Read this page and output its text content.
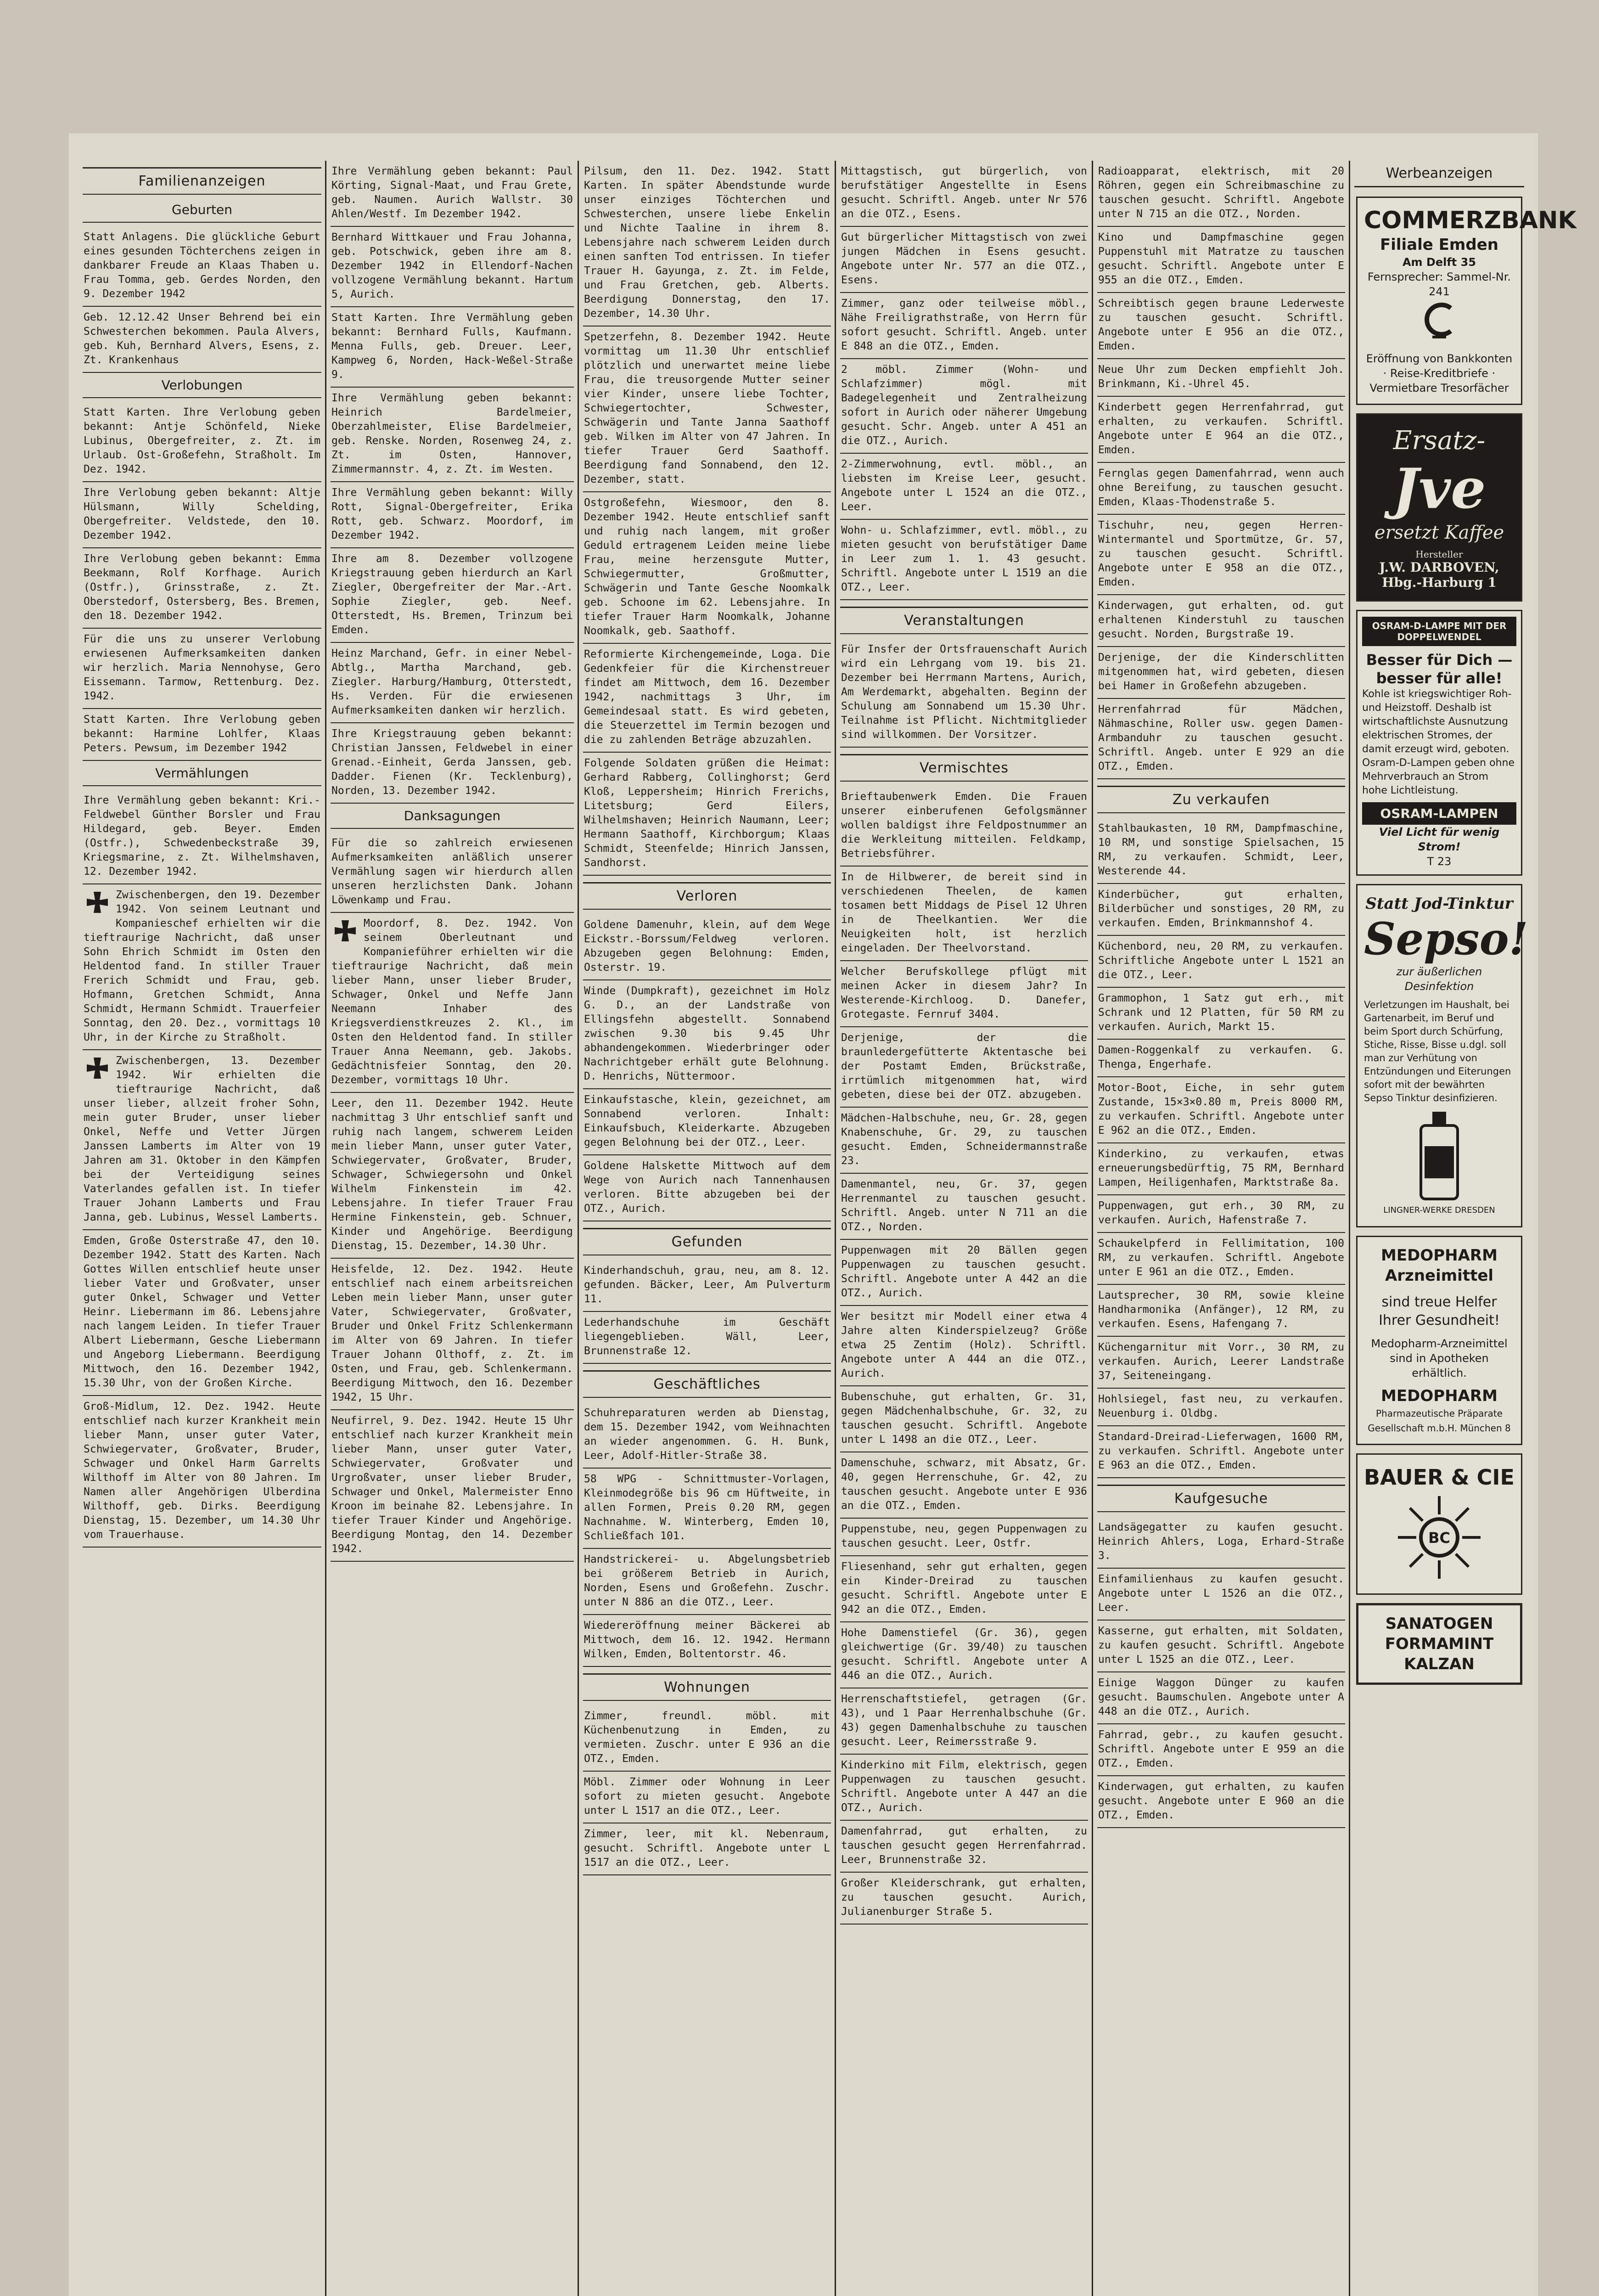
Familienanzeigen
Geburten
Statt Anlagens. Die glückliche Geburt eines gesunden Töchterchens zeigen in dankbarer Freude an Klaas Thaben u. Frau Tomma, geb. Gerdes Norden, den 9. Dezember 1942
Geb. 12.12.42 Unser Behrend bei ein Schwesterchen bekommen. Paula Alvers, geb. Kuh, Bernhard Alvers, Esens, z. Zt. Krankenhaus
Verlobungen
Statt Karten. Ihre Verlobung geben bekannt: Antje Schönfeld, Nieke Lubinus, Obergefreiter, z. Zt. im Urlaub. Ost-Großefehn, Straßholt. Im Dez. 1942.
Ihre Verlobung geben bekannt: Altje Hülsmann, Willy Schelding, Obergefreiter. Veldstede, den 10. Dezember 1942.
Ihre Verlobung geben bekannt: Emma Beekmann, Rolf Korfhage. Aurich (Ostfr.), Grinsstraße, z. Zt. Oberstedorf, Ostersberg, Bes. Bremen, den 18. Dezember 1942.
Für die uns zu unserer Verlobung erwiesenen Aufmerksamkeiten danken wir herzlich. Maria Nennohyse, Gero Eissemann. Tarmow, Rettenburg. Dez. 1942.
Statt Karten. Ihre Verlobung geben bekannt: Harmine Lohlfer, Klaas Peters. Pewsum, im Dezember 1942
Vermählungen
Ihre Vermählung geben bekannt: Kri.-Feldwebel Günther Borsler und Frau Hildegard, geb. Beyer. Emden (Ostfr.), Schwedenbeckstraße 39, Kriegsmarine, z. Zt. Wilhelmshaven, 12. Dezember 1942.
Zwischenbergen, den 19. Dezember 1942. Von seinem Leutnant und Kompanieschef erhielten wir die tieftraurige Nachricht, daß unser Sohn Ehrich Schmidt im Osten den Heldentod fand. In stiller Trauer Frerich Schmidt und Frau, geb. Hofmann, Gretchen Schmidt, Anna Schmidt, Hermann Schmidt. Trauerfeier Sonntag, den 20. Dez., vormittags 10 Uhr, in der Kirche zu Straßholt.
Zwischenbergen, 13. Dezember 1942. Wir erhielten die tieftraurige Nachricht, daß unser lieber, allzeit froher Sohn, mein guter Bruder, unser lieber Onkel, Neffe und Vetter Jürgen Janssen Lamberts im Alter von 19 Jahren am 31. Oktober in den Kämpfen bei der Verteidigung seines Vaterlandes gefallen ist. In tiefer Trauer Johann Lamberts und Frau Janna, geb. Lubinus, Wessel Lamberts.
Emden, Große Osterstraße 47, den 10. Dezember 1942. Statt des Karten. Nach Gottes Willen entschlief heute unser lieber Vater und Großvater, unser guter Onkel, Schwager und Vetter Heinr. Liebermann im 86. Lebensjahre nach langem Leiden. In tiefer Trauer Albert Liebermann, Gesche Liebermann und Angeborg Liebermann. Beerdigung Mittwoch, den 16. Dezember 1942, 15.30 Uhr, von der Großen Kirche.
Groß-Midlum, 12. Dez. 1942. Heute entschlief nach kurzer Krankheit mein lieber Mann, unser guter Vater, Schwiegervater, Großvater, Bruder, Schwager und Onkel Harm Garrelts Wilthoff im Alter von 80 Jahren. Im Namen aller Angehörigen Ulberdina Wilthoff, geb. Dirks. Beerdigung Dienstag, 15. Dezember, um 14.30 Uhr vom Trauerhause.
Ihre Vermählung geben bekannt: Paul Körting, Signal-Maat, und Frau Grete, geb. Naumen. Aurich Wallstr. 30 Ahlen/Westf. Im Dezember 1942.
Bernhard Wittkauer und Frau Johanna, geb. Potschwick, geben ihre am 8. Dezember 1942 in Ellendorf-Nachen vollzogene Vermählung bekannt. Hartum 5, Aurich.
Statt Karten. Ihre Vermählung geben bekannt: Bernhard Fulls, Kaufmann. Menna Fulls, geb. Dreuer. Leer, Kampweg 6, Norden, Hack-Weßel-Straße 9.
Ihre Vermählung geben bekannt: Heinrich Bardelmeier, Oberzahlmeister, Elise Bardelmeier, geb. Renske. Norden, Rosenweg 24, z. Zt. im Osten, Hannover, Zimmermannstr. 4, z. Zt. im Westen.
Ihre Vermählung geben bekannt: Willy Rott, Signal-Obergefreiter, Erika Rott, geb. Schwarz. Moordorf, im Dezember 1942.
Ihre am 8. Dezember vollzogene Kriegstrauung geben hierdurch an Karl Ziegler, Obergefreiter der Mar.-Art. Sophie Ziegler, geb. Neef. Otterstedt, Hs. Bremen, Trinzum bei Emden.
Heinz Marchand, Gefr. in einer Nebel-Abtlg., Martha Marchand, geb. Ziegler. Harburg/Hamburg, Otterstedt, Hs. Verden. Für die erwiesenen Aufmerksamkeiten danken wir herzlich.
Ihre Kriegstrauung geben bekannt: Christian Janssen, Feldwebel in einer Grenad.-Einheit, Gerda Janssen, geb. Dadder. Fienen (Kr. Tecklenburg), Norden, 13. Dezember 1942.
Danksagungen
Für die so zahlreich erwiesenen Aufmerksamkeiten anläßlich unserer Vermählung sagen wir hierdurch allen unseren herzlichsten Dank. Johann Löwenkamp und Frau.
Moordorf, 8. Dez. 1942. Von seinem Oberleutnant und Kompanieführer erhielten wir die tieftraurige Nachricht, daß mein lieber Mann, unser lieber Bruder, Schwager, Onkel und Neffe Jann Neemann Inhaber des Kriegsverdienstkreuzes 2. Kl., im Osten den Heldentod fand. In stiller Trauer Anna Neemann, geb. Jakobs. Gedächtnisfeier Sonntag, den 20. Dezember, vormittags 10 Uhr.
Leer, den 11. Dezember 1942. Heute nachmittag 3 Uhr entschlief sanft und ruhig nach langem, schwerem Leiden mein lieber Mann, unser guter Vater, Schwiegervater, Großvater, Bruder, Schwager, Schwiegersohn und Onkel Wilhelm Finkenstein im 42. Lebensjahre. In tiefer Trauer Frau Hermine Finkenstein, geb. Schnuer, Kinder und Angehörige. Beerdigung Dienstag, 15. Dezember, 14.30 Uhr.
Heisfelde, 12. Dez. 1942. Heute entschlief nach einem arbeitsreichen Leben mein lieber Mann, unser guter Vater, Schwiegervater, Großvater, Bruder und Onkel Fritz Schlenkermann im Alter von 69 Jahren. In tiefer Trauer Johann Olthoff, z. Zt. im Osten, und Frau, geb. Schlenkermann. Beerdigung Mittwoch, den 16. Dezember 1942, 15 Uhr.
Neufirrel, 9. Dez. 1942. Heute 15 Uhr entschlief nach kurzer Krankheit mein lieber Mann, unser guter Vater, Schwiegervater, Großvater und Urgroßvater, unser lieber Bruder, Schwager und Onkel, Malermeister Enno Kroon im beinahe 82. Lebensjahre. In tiefer Trauer Kinder und Angehörige. Beerdigung Montag, den 14. Dezember 1942.
Pilsum, den 11. Dez. 1942. Statt Karten. In später Abendstunde wurde unser einziges Töchterchen und Schwesterchen, unsere liebe Enkelin und Nichte Taaline in ihrem 8. Lebensjahre nach schwerem Leiden durch einen sanften Tod entrissen. In tiefer Trauer H. Gayunga, z. Zt. im Felde, und Frau Gretchen, geb. Alberts. Beerdigung Donnerstag, den 17. Dezember, 14.30 Uhr.
Spetzerfehn, 8. Dezember 1942. Heute vormittag um 11.30 Uhr entschlief plötzlich und unerwartet meine liebe Frau, die treusorgende Mutter seiner vier Kinder, unsere liebe Tochter, Schwiegertochter, Schwester, Schwägerin und Tante Janna Saathoff geb. Wilken im Alter von 47 Jahren. In tiefer Trauer Gerd Saathoff. Beerdigung fand Sonnabend, den 12. Dezember, statt.
Ostgroßefehn, Wiesmoor, den 8. Dezember 1942. Heute entschlief sanft und ruhig nach langem, mit großer Geduld ertragenem Leiden meine liebe Frau, meine herzensgute Mutter, Schwiegermutter, Großmutter, Schwägerin und Tante Gesche Noomkalk geb. Schoone im 62. Lebensjahre. In tiefer Trauer Harm Noomkalk, Johanne Noomkalk, geb. Saathoff.
Reformierte Kirchengemeinde, Loga. Die Gedenkfeier für die Kirchenstreuer findet am Mittwoch, dem 16. Dezember 1942, nachmittags 3 Uhr, im Gemeindesaal statt. Es wird gebeten, die Steuerzettel im Termin bezogen und die zu zahlenden Beträge abzuzahlen.
Folgende Soldaten grüßen die Heimat: Gerhard Rabberg, Collinghorst; Gerd Kloß, Leppersheim; Hinrich Frerichs, Litetsburg; Gerd Eilers, Wilhelmshaven; Heinrich Naumann, Leer; Hermann Saathoff, Kirchborgum; Klaas Schmidt, Steenfelde; Hinrich Janssen, Sandhorst.
Verloren
Goldene Damenuhr, klein, auf dem Wege Eickstr.-Borssum/Feldweg verloren. Abzugeben gegen Belohnung: Emden, Osterstr. 19.
Winde (Dumpkraft), gezeichnet im Holz G. D., an der Landstraße von Ellingsfehn abgestellt. Sonnabend zwischen 9.30 bis 9.45 Uhr abhandengekommen. Wiederbringer oder Nachrichtgeber erhält gute Belohnung. D. Henrichs, Nüttermoor.
Einkaufstasche, klein, gezeichnet, am Sonnabend verloren. Inhalt: Einkaufsbuch, Kleiderkarte. Abzugeben gegen Belohnung bei der OTZ., Leer.
Goldene Halskette Mittwoch auf dem Wege von Aurich nach Tannenhausen verloren. Bitte abzugeben bei der OTZ., Aurich.
Gefunden
Kinderhandschuh, grau, neu, am 8. 12. gefunden. Bäcker, Leer, Am Pulverturm 11.
Lederhandschuhe im Geschäft liegengeblieben. Wäll, Leer, Brunnenstraße 12.
Geschäftliches
Schuhreparaturen werden ab Dienstag, dem 15. Dezember 1942, vom Weihnachten an wieder angenommen. G. H. Bunk, Leer, Adolf-Hitler-Straße 38.
58 WPG - Schnittmuster-Vorlagen, Kleinmodegröße bis 96 cm Hüftweite, in allen Formen, Preis 0.20 RM, gegen Nachnahme. W. Winterberg, Emden 10, Schließfach 101.
Handstrickerei- u. Abgelungsbetrieb bei größerem Betrieb in Aurich, Norden, Esens und Großefehn. Zuschr. unter N 886 an die OTZ., Leer.
Wiedereröffnung meiner Bäckerei ab Mittwoch, dem 16. 12. 1942. Hermann Wilken, Emden, Boltentorstr. 46.
Wohnungen
Zimmer, freundl. möbl. mit Küchenbenutzung in Emden, zu vermieten. Zuschr. unter E 936 an die OTZ., Emden.
Möbl. Zimmer oder Wohnung in Leer sofort zu mieten gesucht. Angebote unter L 1517 an die OTZ., Leer.
Zimmer, leer, mit kl. Nebenraum, gesucht. Schriftl. Angebote unter L 1517 an die OTZ., Leer.
Mittagstisch, gut bürgerlich, von berufstätiger Angestellte in Esens gesucht. Schriftl. Angeb. unter Nr 576 an die OTZ., Esens.
Gut bürgerlicher Mittagstisch von zwei jungen Mädchen in Esens gesucht. Angebote unter Nr. 577 an die OTZ., Esens.
Zimmer, ganz oder teilweise möbl., Nähe Freiligrathstraße, von Herrn für sofort gesucht. Schriftl. Angeb. unter E 848 an die OTZ., Emden.
2 möbl. Zimmer (Wohn- und Schlafzimmer) mögl. mit Badegelegenheit und Zentralheizung sofort in Aurich oder näherer Umgebung gesucht. Schr. Angeb. unter A 451 an die OTZ., Aurich.
2-Zimmerwohnung, evtl. möbl., an liebsten im Kreise Leer, gesucht. Angebote unter L 1524 an die OTZ., Leer.
Wohn- u. Schlafzimmer, evtl. möbl., zu mieten gesucht von berufstätiger Dame in Leer zum 1. 1. 43 gesucht. Schriftl. Angebote unter L 1519 an die OTZ., Leer.
Veranstaltungen
Für Insfer der Ortsfrauenschaft Aurich wird ein Lehrgang vom 19. bis 21. Dezember bei Herrmann Martens, Aurich, Am Werdemarkt, abgehalten. Beginn der Schulung am Sonnabend um 15.30 Uhr. Teilnahme ist Pflicht. Nichtmitglieder sind willkommen. Der Vorsitzer.
Vermischtes
Brieftaubenwerk Emden. Die Frauen unserer einberufenen Gefolgsmänner wollen baldigst ihre Feldpostnummer an die Werkleitung mitteilen. Feldkamp, Betriebsführer.
In de Hilbwerer, de bereit sind in verschiedenen Theelen, de kamen tosamen bett Middags de Pisel 12 Uhren in de Theelkantien. Wer die Neuigkeiten holt, ist herzlich eingeladen. Der Theelvorstand.
Welcher Berufskollege pflügt mit meinen Acker in diesem Jahr? In Westerende-Kirchloog. D. Danefer, Grotegaste. Fernruf 3404.
Derjenige, der die braunledergefütterte Aktentasche bei der Postamt Emden, Brückstraße, irrtümlich mitgenommen hat, wird gebeten, diese bei der OTZ. abzugeben.
Mädchen-Halbschuhe, neu, Gr. 28, gegen Knabenschuhe, Gr. 29, zu tauschen gesucht. Emden, Schneidermannstraße 23.
Damenmantel, neu, Gr. 37, gegen Herrenmantel zu tauschen gesucht. Schriftl. Angeb. unter N 711 an die OTZ., Norden.
Puppenwagen mit 20 Bällen gegen Puppenwagen zu tauschen gesucht. Schriftl. Angebote unter A 442 an die OTZ., Aurich.
Wer besitzt mir Modell einer etwa 4 Jahre alten Kinderspielzeug? Größe etwa 25 Zentim (Holz). Schriftl. Angebote unter A 444 an die OTZ., Aurich.
Bubenschuhe, gut erhalten, Gr. 31, gegen Mädchenhalbschuhe, Gr. 32, zu tauschen gesucht. Schriftl. Angebote unter L 1498 an die OTZ., Leer.
Damenschuhe, schwarz, mit Absatz, Gr. 40, gegen Herrenschuhe, Gr. 42, zu tauschen gesucht. Angebote unter E 936 an die OTZ., Emden.
Puppenstube, neu, gegen Puppenwagen zu tauschen gesucht. Leer, Ostfr.
Fliesenhand, sehr gut erhalten, gegen ein Kinder-Dreirad zu tauschen gesucht. Schriftl. Angebote unter E 942 an die OTZ., Emden.
Hohe Damenstiefel (Gr. 36), gegen gleichwertige (Gr. 39/40) zu tauschen gesucht. Schriftl. Angebote unter A 446 an die OTZ., Aurich.
Herrenschaftstiefel, getragen (Gr. 43), und 1 Paar Herrenhalbschuhe (Gr. 43) gegen Damenhalbschuhe zu tauschen gesucht. Leer, Reimersstraße 9.
Kinderkino mit Film, elektrisch, gegen Puppenwagen zu tauschen gesucht. Schriftl. Angebote unter A 447 an die OTZ., Aurich.
Damenfahrrad, gut erhalten, zu tauschen gesucht gegen Herrenfahrrad. Leer, Brunnenstraße 32.
Großer Kleiderschrank, gut erhalten, zu tauschen gesucht. Aurich, Julianenburger Straße 5.
Radioapparat, elektrisch, mit 20 Röhren, gegen ein Schreibmaschine zu tauschen gesucht. Schriftl. Angebote unter N 715 an die OTZ., Norden.
Kino und Dampfmaschine gegen Puppenstuhl mit Matratze zu tauschen gesucht. Schriftl. Angebote unter E 955 an die OTZ., Emden.
Schreibtisch gegen braune Lederweste zu tauschen gesucht. Schriftl. Angebote unter E 956 an die OTZ., Emden.
Neue Uhr zum Decken empfiehlt Joh. Brinkmann, Ki.-Uhrel 45.
Kinderbett gegen Herrenfahrrad, gut erhalten, zu verkaufen. Schriftl. Angebote unter E 964 an die OTZ., Emden.
Fernglas gegen Damenfahrrad, wenn auch ohne Bereifung, zu tauschen gesucht. Emden, Klaas-Thodenstraße 5.
Tischuhr, neu, gegen Herren-Wintermantel und Sportmütze, Gr. 57, zu tauschen gesucht. Schriftl. Angebote unter E 958 an die OTZ., Emden.
Kinderwagen, gut erhalten, od. gut erhaltenen Kinderstuhl zu tauschen gesucht. Norden, Burgstraße 19.
Derjenige, der die Kinderschlitten mitgenommen hat, wird gebeten, diesen bei Hamer in Großefehn abzugeben.
Herrenfahrrad für Mädchen, Nähmaschine, Roller usw. gegen Damen-Armbanduhr zu tauschen gesucht. Schriftl. Angeb. unter E 929 an die OTZ., Emden.
Zu verkaufen
Stahlbaukasten, 10 RM, Dampfmaschine, 10 RM, und sonstige Spielsachen, 15 RM, zu verkaufen. Schmidt, Leer, Westerende 44.
Kinderbücher, gut erhalten, Bilderbücher und sonstiges, 20 RM, zu verkaufen. Emden, Brinkmannshof 4.
Küchenbord, neu, 20 RM, zu verkaufen. Schriftliche Angebote unter L 1521 an die OTZ., Leer.
Grammophon, 1 Satz gut erh., mit Schrank und 12 Platten, für 50 RM zu verkaufen. Aurich, Markt 15.
Damen-Roggenkalf zu verkaufen. G. Thenga, Engerhafe.
Motor-Boot, Eiche, in sehr gutem Zustande, 15×3×0.80 m, Preis 8000 RM, zu verkaufen. Schriftl. Angebote unter E 962 an die OTZ., Emden.
Kinderkino, zu verkaufen, etwas erneuerungsbedürftig, 75 RM, Bernhard Lampen, Heiligenhafen, Marktstraße 8a.
Puppenwagen, gut erh., 30 RM, zu verkaufen. Aurich, Hafenstraße 7.
Schaukelpferd in Fellimitation, 100 RM, zu verkaufen. Schriftl. Angebote unter E 961 an die OTZ., Emden.
Lautsprecher, 30 RM, sowie kleine Handharmonika (Anfänger), 12 RM, zu verkaufen. Esens, Hafengang 7.
Küchengarnitur mit Vorr., 30 RM, zu verkaufen. Aurich, Leerer Landstraße 37, Seiteneingang.
Hohlsiegel, fast neu, zu verkaufen. Neuenburg i. Oldbg.
Standard-Dreirad-Lieferwagen, 1600 RM, zu verkaufen. Schriftl. Angebote unter E 963 an die OTZ., Emden.
Kaufgesuche
Landsägegatter zu kaufen gesucht. Heinrich Ahlers, Loga, Erhard-Straße 3.
Einfamilienhaus zu kaufen gesucht. Angebote unter L 1526 an die OTZ., Leer.
Kasserne, gut erhalten, mit Soldaten, zu kaufen gesucht. Schriftl. Angebote unter L 1525 an die OTZ., Leer.
Einige Waggon Dünger zu kaufen gesucht. Baumschulen. Angebote unter A 448 an die OTZ., Aurich.
Fahrrad, gebr., zu kaufen gesucht. Schriftl. Angebote unter E 959 an die OTZ., Emden.
Kinderwagen, gut erhalten, zu kaufen gesucht. Angebote unter E 960 an die OTZ., Emden.
Werbeanzeigen
COMMERZBANK
Filiale Emden
Am Delft 35
Fernsprecher: Sammel-Nr. 241
Eröffnung von Bankkonten · Reise-Kreditbriefe · Vermietbare Tresorfächer
Ersatz-
Jve
ersetzt Kaffee
Hersteller
J.W. DARBOVEN, Hbg.-Harburg 1
OSRAM-D-LAMPE MIT DER DOPPELWENDEL
Besser für Dich — besser für alle!
Kohle ist kriegswichtiger Roh- und Heizstoff. Deshalb ist wirtschaftlichste Ausnutzung elektrischen Stromes, der damit erzeugt wird, geboten. Osram-D-Lampen geben ohne Mehrverbrauch an Strom hohe Lichtleistung.
OSRAM-LAMPEN
Viel Licht für wenig Strom!
T 23
Statt Jod-Tinktur
Sepso!
zur äußerlichen Desinfektion
Verletzungen im Haushalt, bei Gartenarbeit, im Beruf und beim Sport durch Schürfung, Stiche, Risse, Bisse u.dgl. soll man zur Verhütung von Entzündungen und Eiterungen sofort mit der bewährten Sepso Tinktur desinfizieren.
LINGNER-WERKE DRESDEN
MEDOPHARM
Arzneimittel
sind treue Helfer
Ihrer Gesundheit!
Medopharm-Arzneimittel sind in Apotheken erhältlich.
MEDOPHARM
Pharmazeutische Präparate Gesellschaft m.b.H. München 8
BAUER & CIE
BC
SANATOGEN
FORMAMINT
KALZAN
